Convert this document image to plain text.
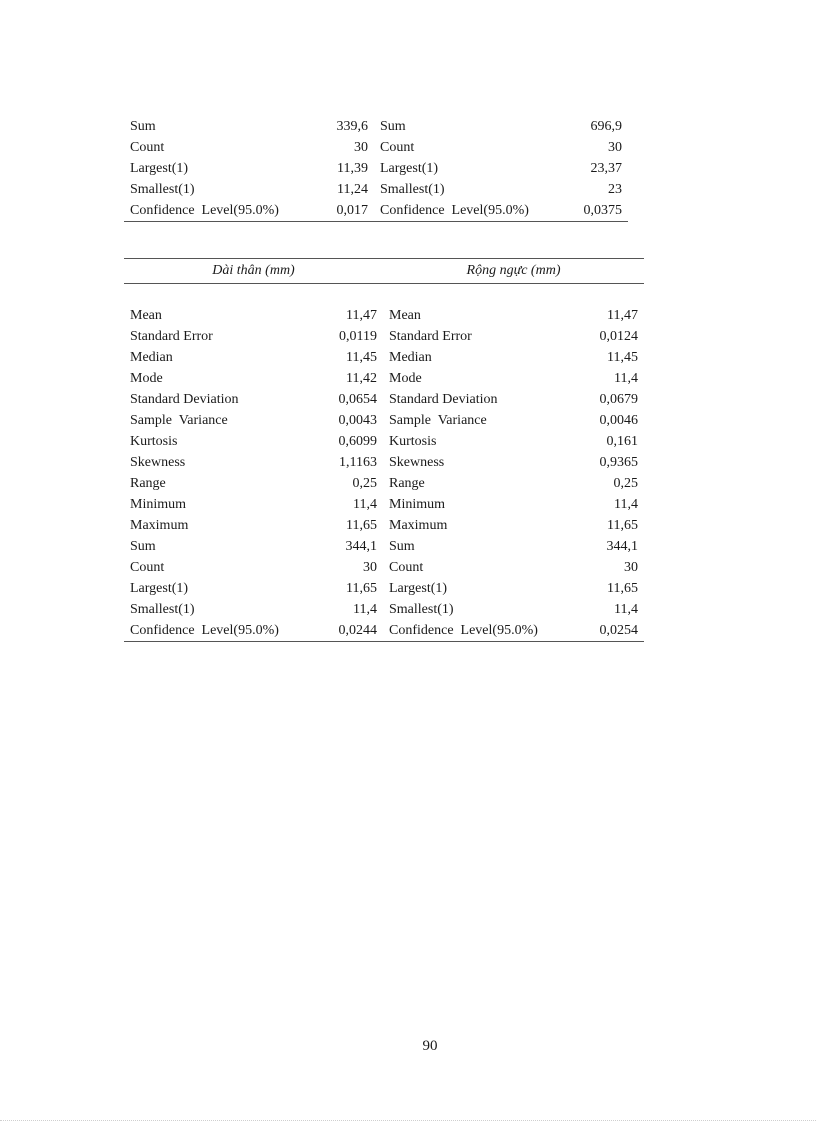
Sum	339,6	Sum	696,9
Count	30	Count	30
Largest(1)	11,39	Largest(1)	23,37
Smallest(1)	11,24	Smallest(1)	23
Confidence  Level(95.0%)	0,017	Confidence  Level(95.0%)	0,0375
Dài thân (mm)		Rộng ngực (mm)	

Mean	11,47	Mean	11,47
Standard Error	0,0119	Standard Error	0,0124
Median	11,45	Median	11,45
Mode	11,42	Mode	11,4
Standard Deviation	0,0654	Standard Deviation	0,0679
Sample  Variance	0,0043	Sample  Variance	0,0046
Kurtosis	0,6099	Kurtosis	0,161
Skewness	1,1163	Skewness	0,9365
Range	0,25	Range	0,25
Minimum	11,4	Minimum	11,4
Maximum	11,65	Maximum	11,65
Sum	344,1	Sum	344,1
Count	30	Count	30
Largest(1)	11,65	Largest(1)	11,65
Smallest(1)	11,4	Smallest(1)	11,4
Confidence  Level(95.0%)	0,0244	Confidence  Level(95.0%)	0,0254
90
